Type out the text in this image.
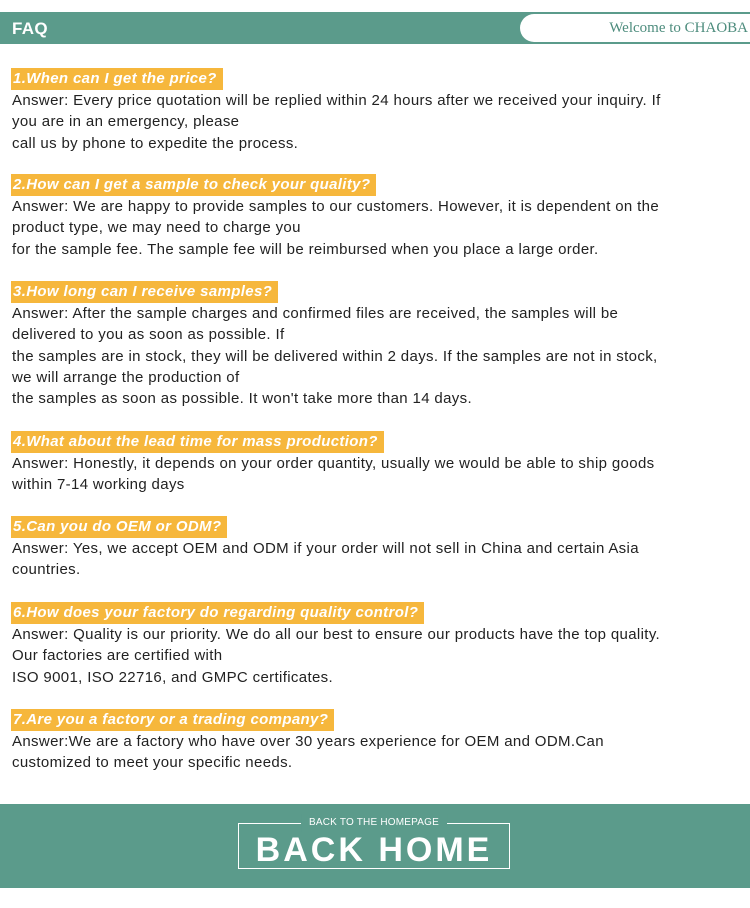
FAQ	Welcome to CHAOBA
1.When can I get the price?

Answer: Every price quotation will be replied within 24 hours after we received your inquiry. If
you are in an emergency, please
call us by phone to expedite the process.

2.How can I get a sample to check your quality?

Answer: We are happy to provide samples to our customers. However, it is dependent on the
product type, we may need to charge you
for the sample fee. The sample fee will be reimbursed when you place a large order.

3.How long can I receive samples?

Answer: After the sample charges and confirmed files are received, the samples will be
delivered to you as soon as possible. If
the samples are in stock, they will be delivered within 2 days. If the samples are not in stock,
we will arrange the production of
the samples as soon as possible. It won't take more than 14 days.

4.What about the lead time for mass production?

Answer: Honestly, it depends on your order quantity, usually we would be able to ship goods
within 7-14 working days

5.Can you do OEM or ODM?

Answer: Yes, we accept OEM and ODM if your order will not sell in China and certain Asia
countries.

6.How does your factory do regarding quality control?

Answer: Quality is our priority. We do all our best to ensure our products have the top quality.
Our factories are certified with
ISO 9001, ISO 22716, and GMPC certificates.

7.Are you a factory or a trading company?

Answer:We are a factory who have over 30 years experience for OEM and ODM.Can
customized to meet your specific needs.

BACK TO THE HOMEPAGE
BACK HOME
